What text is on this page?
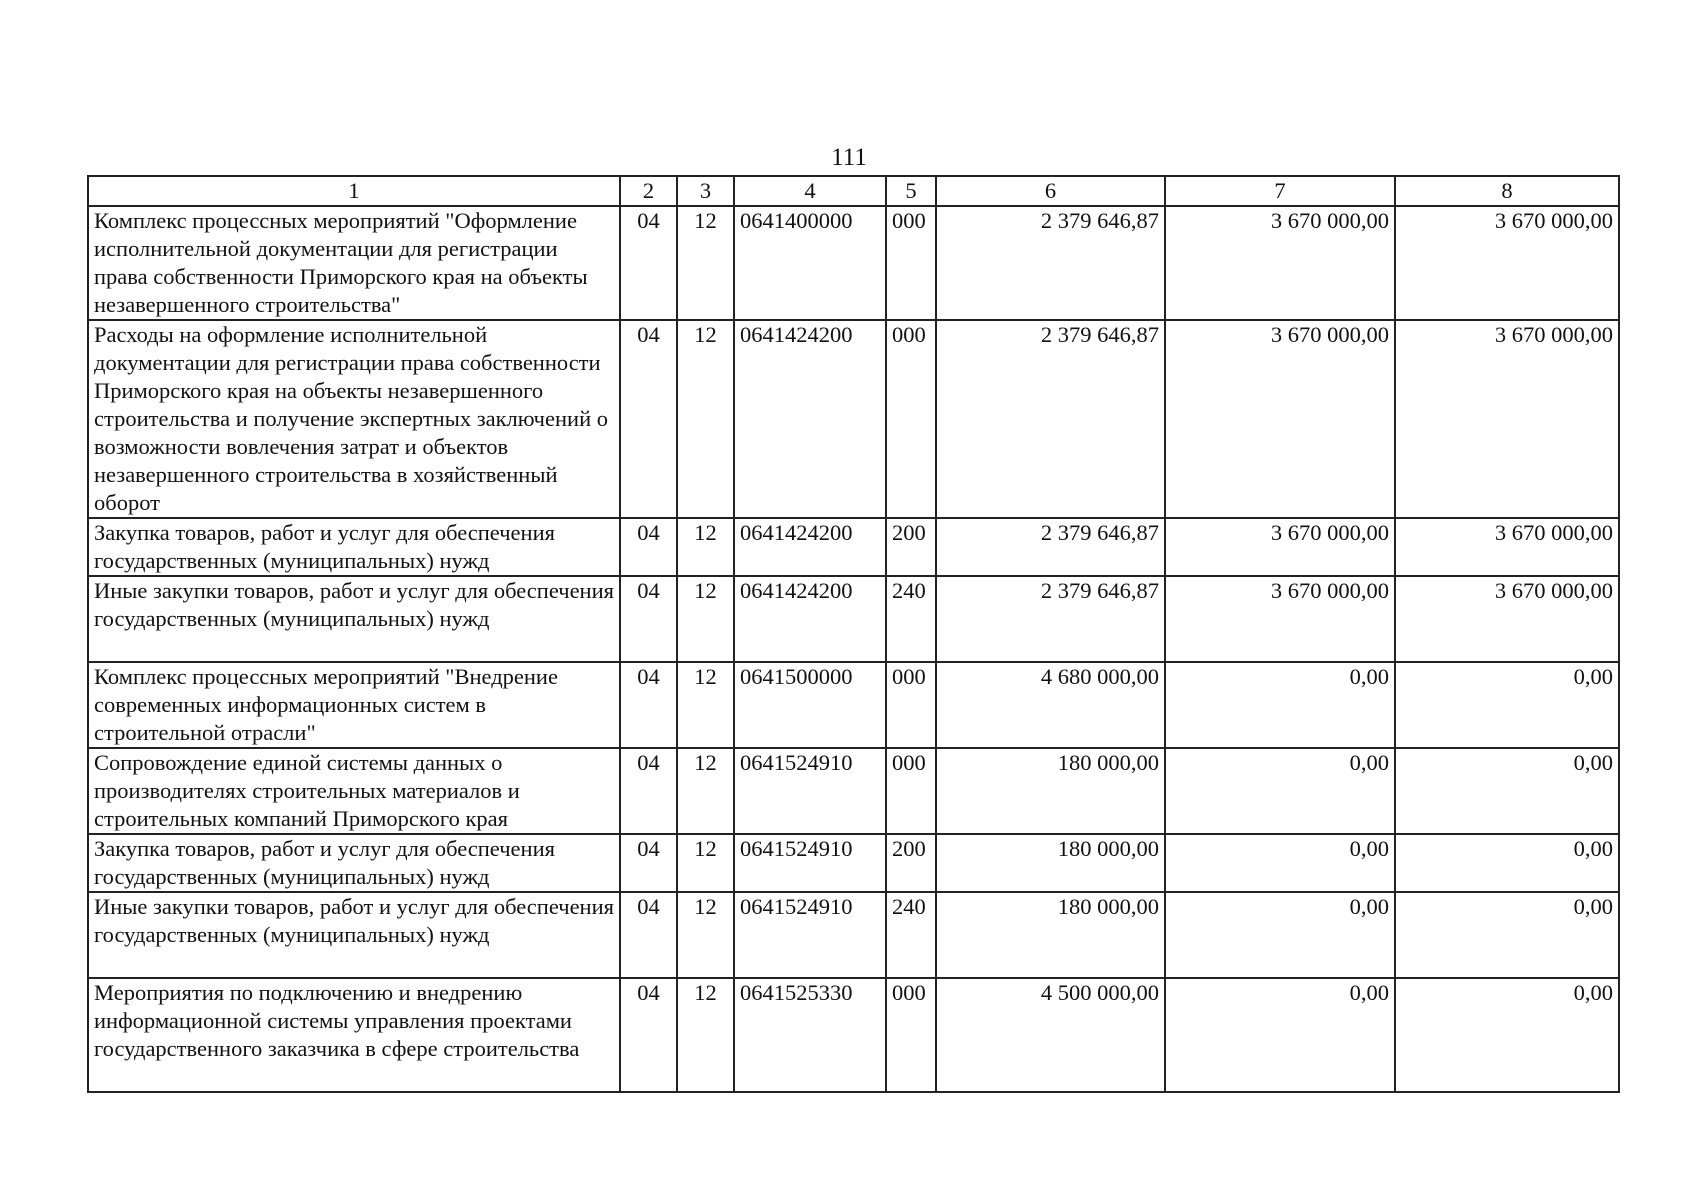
111
1	2	3	4	5	6	7	8
Комплекс процессных мероприятий "Оформление исполнительной документации для регистрации права собственности Приморского края на объекты незавершенного строительства"	04	12	0641400000	000	2 379 646,87	3 670 000,00	3 670 000,00
Расходы на оформление исполнительной документации для регистрации права собственности Приморского края на объекты незавершенного строительства и получение экспертных заключений о возможности вовлечения затрат и объектов незавершенного строительства в хозяйственный оборот	04	12	0641424200	000	2 379 646,87	3 670 000,00	3 670 000,00
Закупка товаров, работ и услуг для обеспечения государственных (муниципальных) нужд	04	12	0641424200	200	2 379 646,87	3 670 000,00	3 670 000,00
Иные закупки товаров, работ и услуг для обеспечения государственных (муниципальных) нужд	04	12	0641424200	240	2 379 646,87	3 670 000,00	3 670 000,00
Комплекс процессных мероприятий "Внедрение современных информационных систем в строительной отрасли"	04	12	0641500000	000	4 680 000,00	0,00	0,00
Сопровождение единой системы данных о производителях строительных материалов и строительных компаний Приморского края	04	12	0641524910	000	180 000,00	0,00	0,00
Закупка товаров, работ и услуг для обеспечения государственных (муниципальных) нужд	04	12	0641524910	200	180 000,00	0,00	0,00
Иные закупки товаров, работ и услуг для обеспечения государственных (муниципальных) нужд	04	12	0641524910	240	180 000,00	0,00	0,00
Мероприятия по подключению и внедрению информационной системы управления проектами государственного заказчика в сфере строительства	04	12	0641525330	000	4 500 000,00	0,00	0,00
